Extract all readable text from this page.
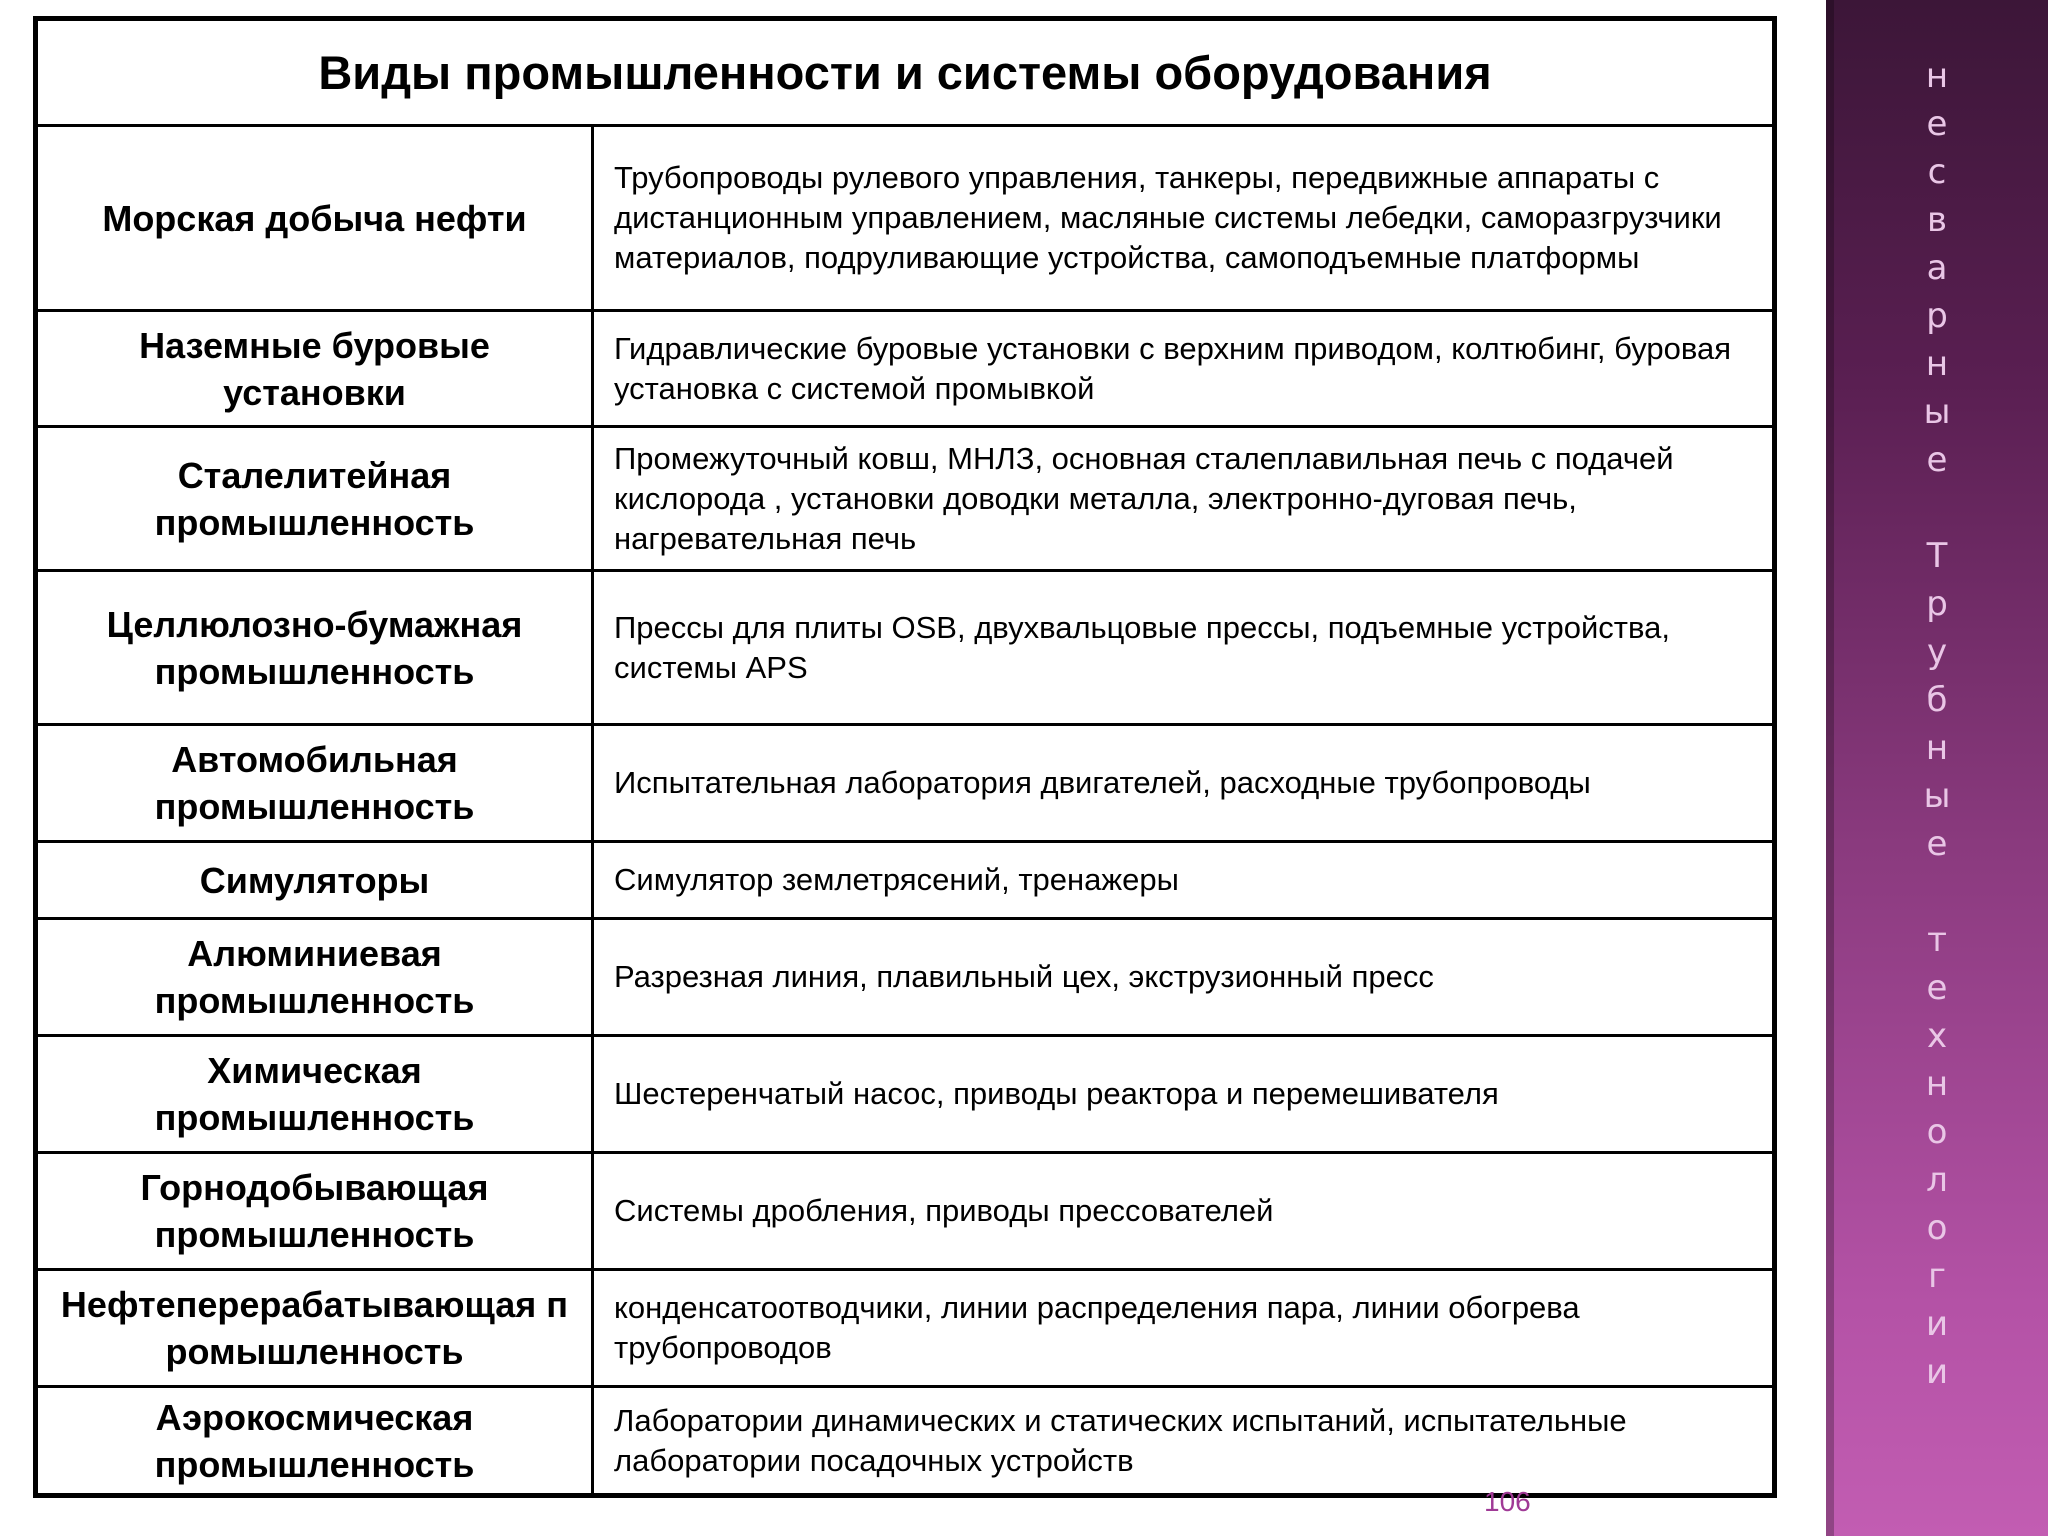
Виды промышленности и системы оборудования
Морская добыча нефти
Трубопроводы рулевого управления, танкеры, передвижные аппараты с дистанционным управлением, масляные системы лебедки, саморазгрузчики материалов, подруливающие устройства, самоподъемные платформы
Наземные буровые установки
Гидравлические буровые установки с верхним приводом, колтюбинг, буровая установка с системой промывкой
Сталелитейная промышленность
Промежуточный ковш, МНЛЗ, основная сталеплавильная печь с подачей кислорода , установки доводки металла, электронно-дуговая печь, нагревательная печь
Целлюлозно-бумажная промышленность
Прессы для плиты OSB, двухвальцовые прессы, подъемные устройства, системы APS
Автомобильная промышленность
Испытательная лаборатория двигателей, расходные трубопроводы
Симуляторы	Симулятор землетрясений, тренажеры
Алюминиевая промышленность
Разрезная линия, плавильный цех, экструзионный пресс
Химическая промышленность
Шестеренчатый насос, приводы реактора и перемешивателя
Горнодобывающая промышленность
Системы дробления, приводы прессователей
Нефтеперерабатывающая промышленность
конденсатоотводчики, линии распределения пара, линии обогрева трубопроводов
Аэрокосмическая промышленность
Лаборатории динамических и статических испытаний, испытательные лаборатории посадочных устройств
106
н
е
с
в
а
р
н
ы
е

Т
р
у
б
н
ы
е

т
е
х
н
о
л
о
г
и
и
